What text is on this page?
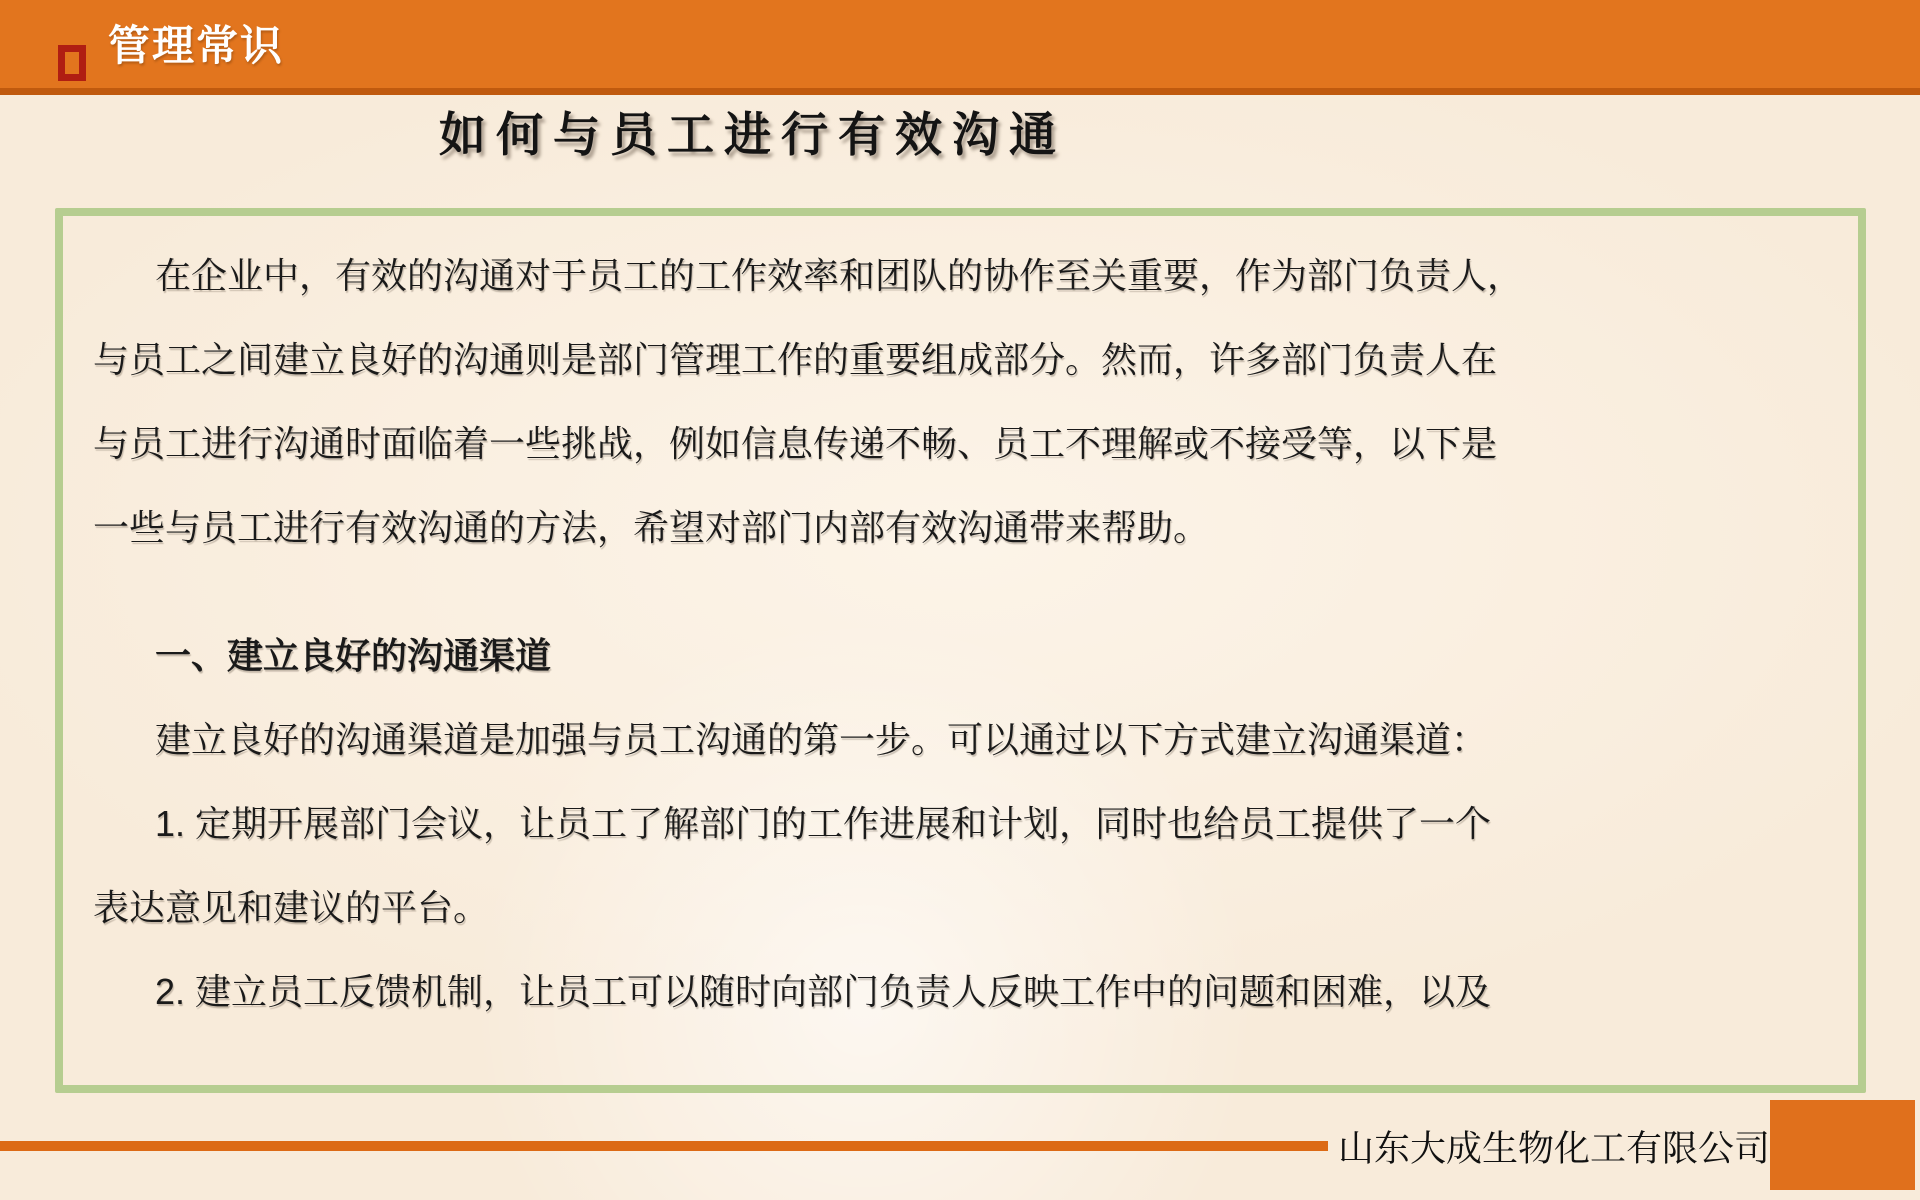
管理常识
如何与员工进行有效沟通
在企业中，有效的沟通对于员工的工作效率和团队的协作至关重要，作为部门负责人，
与员工之间建立良好的沟通则是部门管理工作的重要组成部分。然而，许多部门负责人在
与员工进行沟通时面临着一些挑战，例如信息传递不畅、员工不理解或不接受等，以下是
一些与员工进行有效沟通的方法，希望对部门内部有效沟通带来帮助。
一、建立良好的沟通渠道
建立良好的沟通渠道是加强与员工沟通的第一步。可以通过以下方式建立沟通渠道：
1. 定期开展部门会议，让员工了解部门的工作进展和计划，同时也给员工提供了一个
表达意见和建议的平台。
2. 建立员工反馈机制，让员工可以随时向部门负责人反映工作中的问题和困难，以及
山东大成生物化工有限公司
